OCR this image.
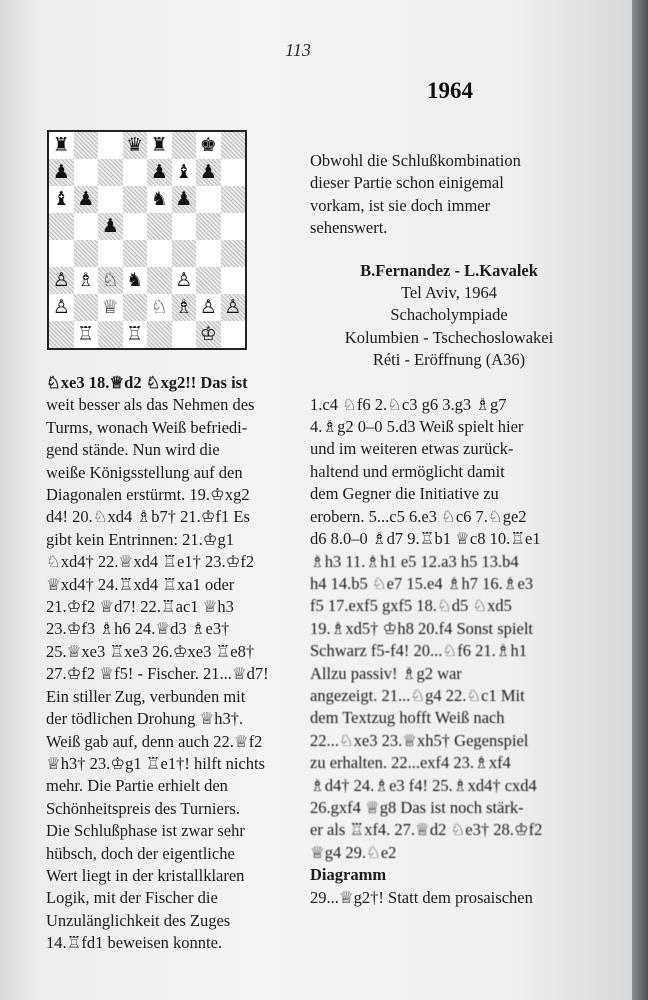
113
1964
♜	♛ ♜ ♚
♟	♟ ♝ ♟
♝ ♟	♞ ♟
♟
♙ ♗ ♘ ♞ ♙
♙ ♕ ♘ ♗ ♙ ♙
♖ ♖	♔

♘xe3 18.♕d2 ♘xg2!! Das ist

weit besser als das Nehmen des

Turms, wonach Weiß befriedi-

gend stände. Nun wird die

weiße Königsstellung auf den

Diagonalen erstürmt. 19.♔xg2

d4! 20.♘xd4 ♗b7† 21.♔f1 Es

gibt kein Entrinnen: 21.♔g1

♘xd4† 22.♕xd4 ♖e1† 23.♔f2

♕xd4† 24.♖xd4 ♖xa1 oder

21.♔f2 ♕d7! 22.♖ac1 ♕h3

23.♔f3 ♗h6 24.♕d3 ♗e3†

25.♕xe3 ♖xe3 26.♔xe3 ♖e8†

27.♔f2 ♕f5! - Fischer. 21...♕d7!

Ein stiller Zug, verbunden mit

der tödlichen Drohung ♕h3†.

Weiß gab auf, denn auch 22.♕f2

♕h3† 23.♔g1 ♖e1†! hilft nichts

mehr. Die Partie erhielt den

Schönheitspreis des Turniers.

Die Schlußphase ist zwar sehr

hübsch, doch der eigentliche

Wert liegt in der kristallklaren

Logik, mit der Fischer die

Unzulänglichkeit des Zuges

14.♖fd1 beweisen konnte.

Obwohl die Schlußkombination

dieser Partie schon einigemal

vorkam, ist sie doch immer

sehenswert.

B.Fernandez - L.Kavalek
Tel Aviv, 1964
Schacholympiade
Kolumbien - Tschechoslowakei
Réti - Eröffnung (A36)

1.c4 ♘f6 2.♘c3 g6 3.g3 ♗g7

4.♗g2 0–0 5.d3 Weiß spielt hier

und im weiteren etwas zurück-

haltend und ermöglicht damit

dem Gegner die Initiative zu

erobern. 5...c5 6.e3 ♘c6 7.♘ge2

d6 8.0–0 ♗d7 9.♖b1 ♕c8 10.♖e1

♗h3 11.♗h1 e5 12.a3 h5 13.b4

h4 14.b5 ♘e7 15.e4 ♗h7 16.♗e3

f5 17.exf5 gxf5 18.♘d5 ♘xd5

19.♗xd5† ♔h8 20.f4 Sonst spielt

Schwarz f5-f4! 20...♘f6 21.♗h1

Allzu passiv! ♗g2 war

angezeigt. 21...♘g4 22.♘c1 Mit

dem Textzug hofft Weiß nach

22...♘xe3 23.♕xh5† Gegenspiel

zu erhalten. 22...exf4 23.♗xf4

♗d4† 24.♗e3 f4! 25.♗xd4† cxd4

26.gxf4 ♕g8 Das ist noch stärk-

er als ♖xf4. 27.♕d2 ♘e3† 28.♔f2

♕g4 29.♘e2

Diagramm

29...♕g2†! Statt dem prosaischen
